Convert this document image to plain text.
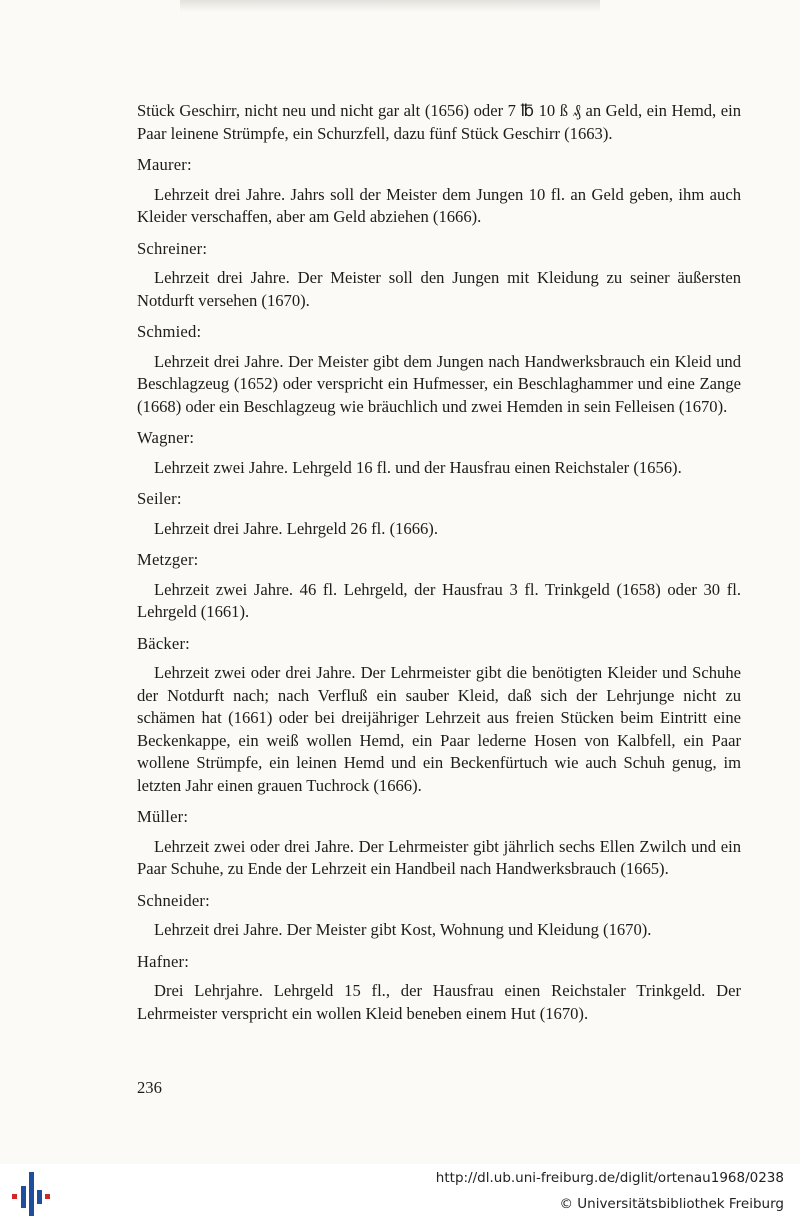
Stück Geschirr, nicht neu und nicht gar alt (1656) oder 7 ℔ 10 ß ₰ an Geld, ein Hemd, ein Paar leinene Strümpfe, ein Schurzfell, dazu fünf Stück Geschirr (1663).

Maurer:

Lehrzeit drei Jahre. Jahrs soll der Meister dem Jungen 10 fl. an Geld geben, ihm auch Kleider verschaffen, aber am Geld abziehen (1666).

Schreiner:

Lehrzeit drei Jahre. Der Meister soll den Jungen mit Kleidung zu seiner äußersten Notdurft versehen (1670).

Schmied:

Lehrzeit drei Jahre. Der Meister gibt dem Jungen nach Handwerksbrauch ein Kleid und Beschlagzeug (1652) oder verspricht ein Hufmesser, ein Beschlaghammer und eine Zange (1668) oder ein Beschlagzeug wie bräuchlich und zwei Hemden in sein Felleisen (1670).

Wagner:

Lehrzeit zwei Jahre. Lehrgeld 16 fl. und der Hausfrau einen Reichstaler (1656).

Seiler:

Lehrzeit drei Jahre. Lehrgeld 26 fl. (1666).

Metzger:

Lehrzeit zwei Jahre. 46 fl. Lehrgeld, der Hausfrau 3 fl. Trinkgeld (1658) oder 30 fl. Lehrgeld (1661).

Bäcker:

Lehrzeit zwei oder drei Jahre. Der Lehrmeister gibt die benötigten Kleider und Schuhe der Notdurft nach; nach Verfluß ein sauber Kleid, daß sich der Lehrjunge nicht zu schämen hat (1661) oder bei dreijähriger Lehrzeit aus freien Stücken beim Eintritt eine Beckenkappe, ein weiß wollen Hemd, ein Paar lederne Hosen von Kalbfell, ein Paar wollene Strümpfe, ein leinen Hemd und ein Beckenfürtuch wie auch Schuh genug, im letzten Jahr einen grauen Tuchrock (1666).

Müller:

Lehrzeit zwei oder drei Jahre. Der Lehrmeister gibt jährlich sechs Ellen Zwilch und ein Paar Schuhe, zu Ende der Lehrzeit ein Handbeil nach Handwerksbrauch (1665).

Schneider:

Lehrzeit drei Jahre. Der Meister gibt Kost, Wohnung und Kleidung (1670).

Hafner:

Drei Lehrjahre. Lehrgeld 15 fl., der Hausfrau einen Reichstaler Trinkgeld. Der Lehrmeister verspricht ein wollen Kleid beneben einem Hut (1670).

236
http://dl.ub.uni-freiburg.de/diglit/ortenau1968/0238
© Universitätsbibliothek Freiburg
